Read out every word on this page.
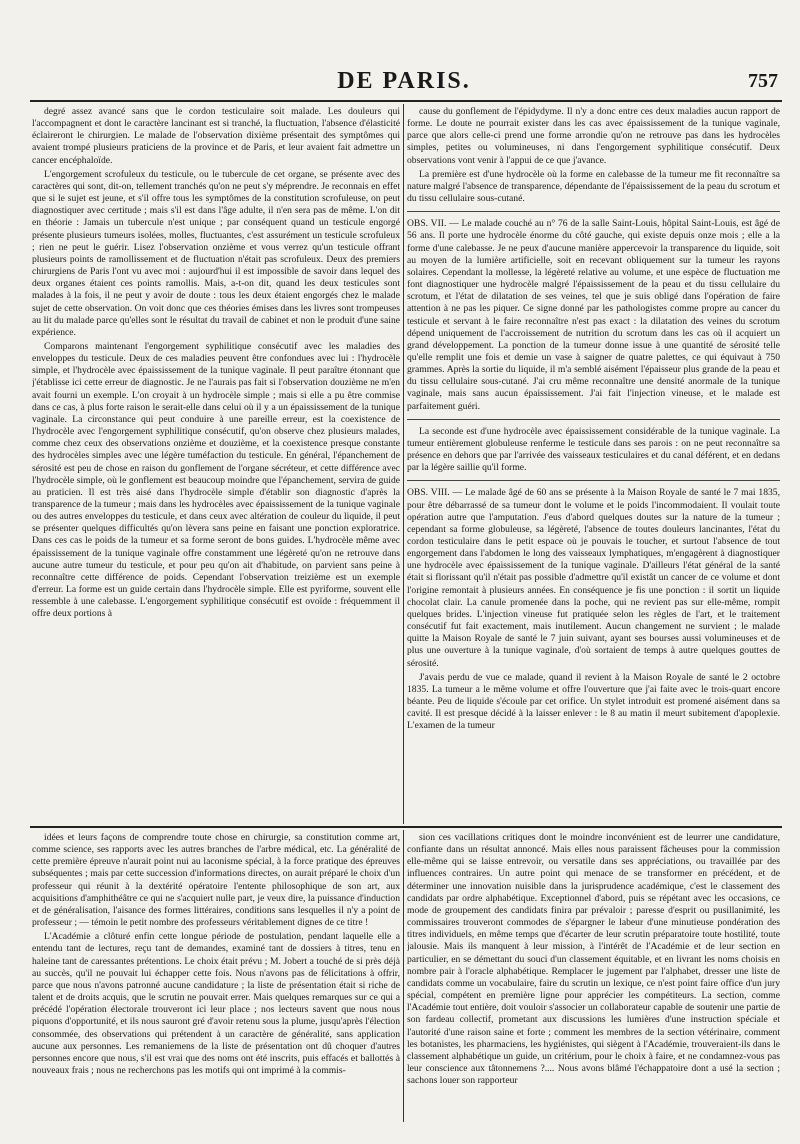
DE PARIS.	757

degré assez avancé sans que le cordon testiculaire soit malade. Les douleurs qui l'accompagnent et dont le caractère lancinant est si tranché, la fluctuation, l'absence d'élasticité éclaireront le chirurgien. Le malade de l'observation dixième présentait des symptômes qui avaient trompé plusieurs praticiens de la province et de Paris, et leur avaient fait admettre un cancer encéphaloïde.

L'engorgement scrofuleux du testicule, ou le tubercule de cet organe, se présente avec des caractères qui sont, dit-on, tellement tranchés qu'on ne peut s'y méprendre. Je reconnais en effet que si le sujet est jeune, et s'il offre tous les symptômes de la constitution scrofuleuse, on peut diagnostiquer avec certitude ; mais s'il est dans l'âge adulte, il n'en sera pas de même. L'on dit en théorie : Jamais un tubercule n'est unique ; par conséquent quand un testicule engorgé présente plusieurs tumeurs isolées, molles, fluctuantes, c'est assurément un testicule scrofuleux ; rien ne peut le guérir. Lisez l'observation onzième et vous verrez qu'un testicule offrant plusieurs points de ramollissement et de fluctuation n'était pas scrofuleux. Deux des premiers chirurgiens de Paris l'ont vu avec moi : aujourd'hui il est impossible de savoir dans lequel des deux organes étaient ces points ramollis. Mais, a-t-on dit, quand les deux testicules sont malades à la fois, il ne peut y avoir de doute : tous les deux étaient engorgés chez le malade sujet de cette observation. On voit donc que ces théories émises dans les livres sont trompeuses au lit du malade parce qu'elles sont le résultat du travail de cabinet et non le produit d'une saine expérience.

Comparons maintenant l'engorgement syphilitique consécutif avec les maladies des enveloppes du testicule. Deux de ces maladies peuvent être confondues avec lui : l'hydrocèle simple, et l'hydrocèle avec épaississement de la tunique vaginale. Il peut paraître étonnant que j'établisse ici cette erreur de diagnostic. Je ne l'aurais pas fait si l'observation douzième ne m'en avait fourni un exemple. L'on croyait à un hydrocèle simple ; mais si elle a pu être commise dans ce cas, à plus forte raison le serait-elle dans celui où il y a un épaississement de la tunique vaginale. La circonstance qui peut conduire à une pareille erreur, est la coexistence de l'hydrocèle avec l'engorgement syphilitique consécutif, qu'on observe chez plusieurs malades, comme chez ceux des observations onzième et douzième, et la coexistence presque constante des hydrocèles simples avec une légère tuméfaction du testicule. En général, l'épanchement de sérosité est peu de chose en raison du gonflement de l'organe sécréteur, et cette différence avec l'hydrocèle simple, où le gonflement est beaucoup moindre que l'épanchement, servira de guide au praticien. Il est très aisé dans l'hydrocèle simple d'établir son diagnostic d'après la transparence de la tumeur ; mais dans les hydrocèles avec épaississement de la tunique vaginale ou des autres enveloppes du testicule, et dans ceux avec altération de couleur du liquide, il peut se présenter quelques difficultés qu'on lèvera sans peine en faisant une ponction exploratrice. Dans ces cas le poids de la tumeur et sa forme seront de bons guides. L'hydrocèle même avec épaississement de la tunique vaginale offre constamment une légèreté qu'on ne retrouve dans aucune autre tumeur du testicule, et pour peu qu'on ait d'habitude, on parvient sans peine à reconnaître cette différence de poids. Cependant l'observation treizième est un exemple d'erreur. La forme est un guide certain dans l'hydrocèle simple. Elle est pyriforme, souvent elle ressemble à une calebasse. L'engorgement syphilitique consécutif est ovoïde : fréquemment il offre deux portions à

cause du gonflement de l'épidydyme. Il n'y a donc entre ces deux maladies aucun rapport de forme. Le doute ne pourrait exister dans les cas avec épaississement de la tunique vaginale, parce que alors celle-ci prend une forme arrondie qu'on ne retrouve pas dans les hydrocèles simples, petites ou volumineuses, ni dans l'engorgement syphilitique consécutif. Deux observations vont venir à l'appui de ce que j'avance.

La première est d'une hydrocèle où la forme en calebasse de la tumeur me fit reconnaître sa nature malgré l'absence de transparence, dépendante de l'épaississement de la peau du scrotum et du tissu cellulaire sous-cutané.

OBS. VII. — Le malade couché au n° 76 de la salle Saint-Louis, hôpital Saint-Louis, est âgé de 56 ans. Il porte une hydrocèle énorme du côté gauche, qui existe depuis onze mois ; elle a la forme d'une calebasse. Je ne peux d'aucune manière appercevoir la transparence du liquide, soit au moyen de la lumière artificielle, soit en recevant obliquement sur la tumeur les rayons solaires. Cependant la mollesse, la légèreté relative au volume, et une espèce de fluctuation me font diagnostiquer une hydrocèle malgré l'épaississement de la peau et du tissu cellulaire du scrotum, et l'état de dilatation de ses veines, tel que je suis obligé dans l'opération de faire attention à ne pas les piquer. Ce signe donné par les pathologistes comme propre au cancer du testicule et servant à le faire reconnaître n'est pas exact : la dilatation des veines du scrotum dépend uniquement de l'accroissement de nutrition du scrotum dans les cas où il acquiert un grand développement. La ponction de la tumeur donne issue à une quantité de sérosité telle qu'elle remplit une fois et demie un vase à saigner de quatre palettes, ce qui équivaut à 750 grammes. Après la sortie du liquide, il m'a semblé aisément l'épaisseur plus grande de la peau et du tissu cellulaire sous-cutané. J'ai cru même reconnaître une densité anormale de la tunique vaginale, mais sans aucun épaississement. J'ai fait l'injection vineuse, et le malade est parfaitement guéri.

La seconde est d'une hydrocèle avec épaississement considérable de la tunique vaginale. La tumeur entièrement globuleuse renferme le testicule dans ses parois : on ne peut reconnaître sa présence en dehors que par l'arrivée des vaisseaux testiculaires et du canal déférent, et en dedans par la légère saillie qu'il forme.

OBS. VIII. — Le malade âgé de 60 ans se présente à la Maison Royale de santé le 7 mai 1835, pour être débarrassé de sa tumeur dont le volume et le poids l'incommodaient. Il voulait toute opération autre que l'amputation. J'eus d'abord quelques doutes sur la nature de la tumeur ; cependant sa forme globuleuse, sa légèreté, l'absence de toutes douleurs lancinantes, l'état du cordon testiculaire dans le petit espace où je pouvais le toucher, et surtout l'absence de tout engorgement dans l'abdomen le long des vaisseaux lymphatiques, m'engagèrent à diagnostiquer une hydrocèle avec épaississement de la tunique vaginale. D'ailleurs l'état général de la santé était si florissant qu'il n'était pas possible d'admettre qu'il existât un cancer de ce volume et dont l'origine remontait à plusieurs années. En conséquence je fis une ponction : il sortit un liquide chocolat clair. La canule promenée dans la poche, qui ne revient pas sur elle-même, rompit quelques brides. L'injection vineuse fut pratiquée selon les règles de l'art, et le traitement consécutif fut fait exactement, mais inutilement. Aucun changement ne survient ; le malade quitte la Maison Royale de santé le 7 juin suivant, ayant ses bourses aussi volumineuses et de plus une ouverture à la tunique vaginale, d'où sortaient de temps à autre quelques gouttes de sérosité.

J'avais perdu de vue ce malade, quand il revient à la Maison Royale de santé le 2 octobre 1835. La tumeur a le même volume et offre l'ouverture que j'ai faite avec le trois-quart encore béante. Peu de liquide s'écoule par cet orifice. Un stylet introduit est promené aisément dans sa cavité. Il est presque décidé à la laisser enlever : le 8 au matin il meurt subitement d'apoplexie. L'examen de la tumeur

idées et leurs façons de comprendre toute chose en chirurgie, sa constitution comme art, comme science, ses rapports avec les autres branches de l'arbre médical, etc. La généralité de cette première épreuve n'aurait point nui au laconisme spécial, à la force pratique des épreuves subséquentes ; mais par cette succession d'informations directes, on aurait préparé le choix d'un professeur qui réunit à la dextérité opératoire l'entente philosophique de son art, aux acquisitions d'amphithéâtre ce qui ne s'acquiert nulle part, je veux dire, la puissance d'induction et de généralisation, l'aisance des formes littéraires, conditions sans lesquelles il n'y a point de professeur ; — témoin le petit nombre des professeurs véritablement dignes de ce titre !

L'Académie a clôturé enfin cette longue période de postulation, pendant laquelle elle a entendu tant de lectures, reçu tant de demandes, examiné tant de dossiers à titres, tenu en haleine tant de caressantes prétentions. Le choix était prévu ; M. Jobert a touché de si près déjà au succès, qu'il ne pouvait lui échapper cette fois. Nous n'avons pas de félicitations à offrir, parce que nous n'avons patronné aucune candidature ; la liste de présentation était si riche de talent et de droits acquis, que le scrutin ne pouvait errer. Mais quelques remarques sur ce qui a précédé l'opération électorale trouveront ici leur place ; nos lecteurs savent que nous nous piquons d'opportunité, et ils nous sauront gré d'avoir retenu sous la plume, jusqu'après l'élection consommée, des observations qui prétendent à un caractère de généralité, sans application aucune aux personnes. Les remaniemens de la liste de présentation ont dû choquer d'autres personnes encore que nous, s'il est vrai que des noms ont été inscrits, puis effacés et ballottés à nouveaux frais ; nous ne recherchons pas les motifs qui ont imprimé à la commis-

sion ces vacillations critiques dont le moindre inconvénient est de leurrer une candidature, confiante dans un résultat annoncé. Mais elles nous paraissent fâcheuses pour la commission elle-même qui se laisse entrevoir, ou versatile dans ses appréciations, ou travaillée par des influences contraires. Un autre point qui menace de se transformer en précédent, et de déterminer une innovation nuisible dans la jurisprudence académique, c'est le classement des candidats par ordre alphabétique. Exceptionnel d'abord, puis se répétant avec les occasions, ce mode de groupement des candidats finira par prévaloir ; paresse d'esprit ou pusillanimité, les commissaires trouveront commodes de s'épargner le labeur d'une minutieuse pondération des titres individuels, en même temps que d'écarter de leur scrutin préparatoire toute hostilité, toute jalousie. Mais ils manquent à leur mission, à l'intérêt de l'Académie et de leur section en particulier, en se démettant du souci d'un classement équitable, et en livrant les noms choisis en nombre pair à l'oracle alphabétique. Remplacer le jugement par l'alphabet, dresser une liste de candidats comme un vocabulaire, faire du scrutin un lexique, ce n'est point faire office d'un jury spécial, compétent en première ligne pour apprécier les compétiteurs. La section, comme l'Académie tout entière, doit vouloir s'associer un collaborateur capable de soutenir une partie de son fardeau collectif, prometant aux discussions les lumières d'une instruction spéciale et l'autorité d'une raison saine et forte ; comment les membres de la section vétérinaire, comment les botanistes, les pharmaciens, les hygiénistes, qui siègent à l'Académie, trouveraient-ils dans le classement alphabétique un guide, un critérium, pour le choix à faire, et ne condamnez-vous pas leur conscience aux tâtonnemens ?.... Nous avons blâmé l'échappatoire dont a usé la section ; sachons louer son rapporteur
